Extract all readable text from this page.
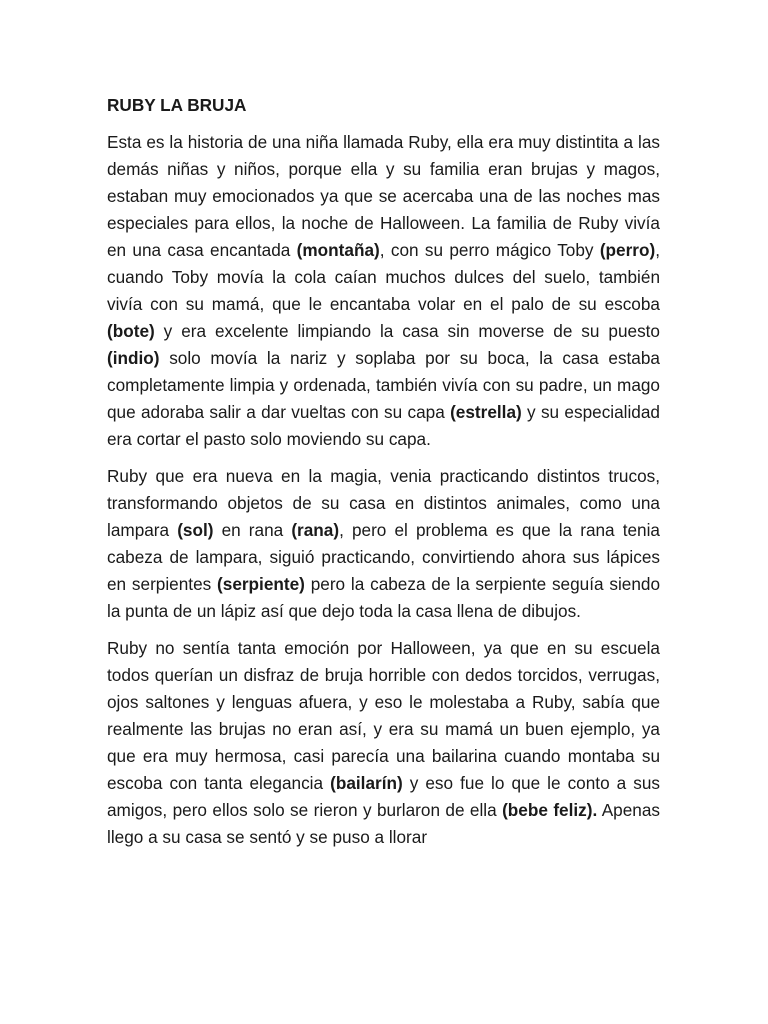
RUBY LA BRUJA

Esta es la historia de una niña llamada Ruby, ella era muy distintita a las demás niñas y niños, porque ella y su familia eran brujas y magos, estaban muy emocionados ya que se acercaba una de las noches mas especiales para ellos, la noche de Halloween. La familia de Ruby vivía en una casa encantada (montaña), con su perro mágico Toby (perro), cuando Toby movía la cola caían muchos dulces del suelo, también vivía con su mamá, que le encantaba volar en el palo de su escoba (bote) y era excelente limpiando la casa sin moverse de su puesto (indio) solo movía la nariz y soplaba por su boca, la casa estaba completamente limpia y ordenada, también vivía con su padre, un mago que adoraba salir a dar vueltas con su capa (estrella) y su especialidad era cortar el pasto solo moviendo su capa.

Ruby que era nueva en la magia, venia practicando distintos trucos, transformando objetos de su casa en distintos animales, como una lampara (sol) en rana (rana), pero el problema es que la rana tenia cabeza de lampara, siguió practicando, convirtiendo ahora sus lápices en serpientes (serpiente) pero la cabeza de la serpiente seguía siendo la punta de un lápiz así que dejo toda la casa llena de dibujos.

Ruby no sentía tanta emoción por Halloween, ya que en su escuela todos querían un disfraz de bruja horrible con dedos torcidos, verrugas, ojos saltones y lenguas afuera, y eso le molestaba a Ruby, sabía que realmente las brujas no eran así, y era su mamá un buen ejemplo, ya que era muy hermosa, casi parecía una bailarina cuando montaba su escoba con tanta elegancia (bailarín) y eso fue lo que le conto a sus amigos, pero ellos solo se rieron y burlaron de ella (bebe feliz). Apenas llego a su casa se sentó y se puso a llorar
